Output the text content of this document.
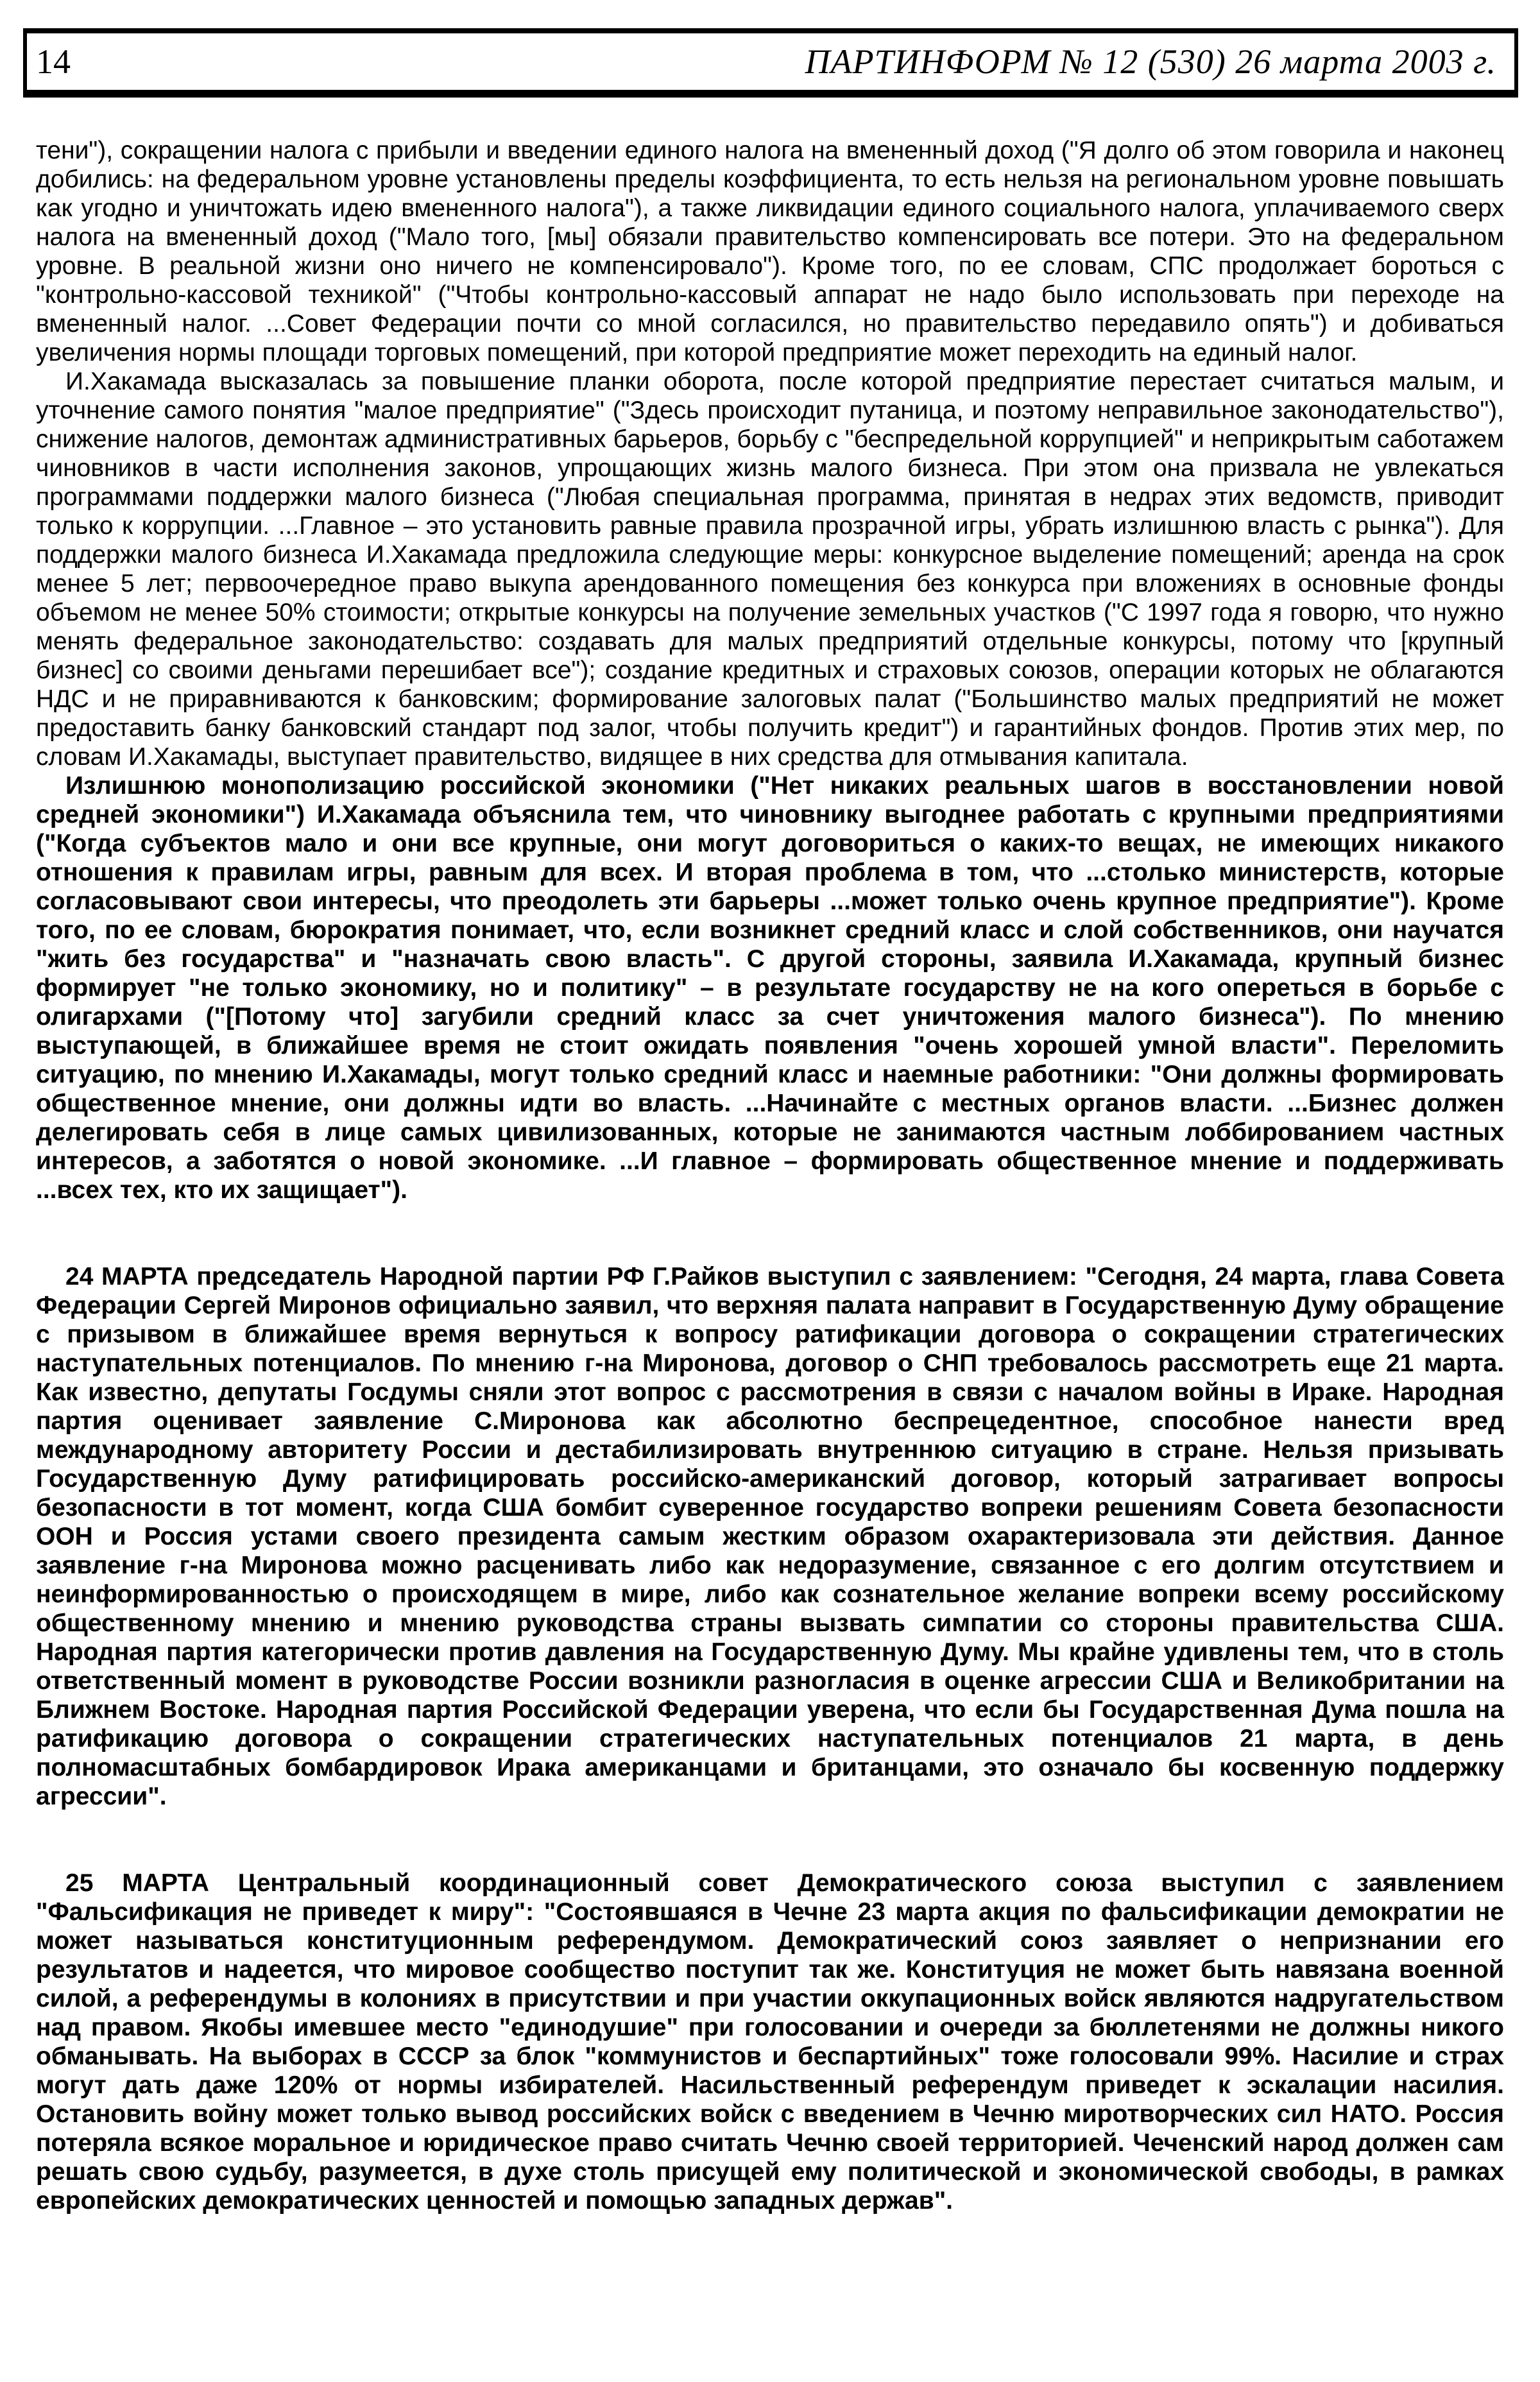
14	ПАРТИНФОРМ № 12 (530) 26 марта 2003 г.

тени"), сокращении налога с прибыли и введении единого налога на вмененный доход ("Я долго об этом говорила и наконец добились: на федеральном уровне установлены пределы коэффициента, то есть нельзя на региональном уровне повышать как угодно и уничтожать идею вмененного налога"), а также ликвидации единого социального налога, уплачиваемого сверх налога на вмененный доход ("Мало того, [мы] обязали правительство компенсировать все потери. Это на федеральном уровне. В реальной жизни оно ничего не компенсировало"). Кроме того, по ее словам, СПС продолжает бороться с "контрольно-кассовой техникой" ("Чтобы контрольно-кассовый аппарат не надо было использовать при переходе на вмененный налог. ...Совет Федерации почти со мной согласился, но правительство передавило опять") и добиваться увеличения нормы площади торговых помещений, при которой предприятие может переходить на единый налог.

И.Хакамада высказалась за повышение планки оборота, после которой предприятие перестает считаться малым, и уточнение самого понятия "малое предприятие" ("Здесь происходит путаница, и поэтому неправильное законодательство"), снижение налогов, демонтаж административных барьеров, борьбу с "беспредельной коррупцией" и неприкрытым саботажем чиновников в части исполнения законов, упрощающих жизнь малого бизнеса. При этом она призвала не увлекаться программами поддержки малого бизнеса ("Любая специальная программа, принятая в недрах этих ведомств, приводит только к коррупции. ...Главное – это установить равные правила прозрачной игры, убрать излишнюю власть с рынка"). Для поддержки малого бизнеса И.Хакамада предложила следующие меры: конкурсное выделение помещений; аренда на срок менее 5 лет; первоочередное право выкупа арендованного помещения без конкурса при вложениях в основные фонды объемом не менее 50% стоимости; открытые конкурсы на получение земельных участков ("С 1997 года я говорю, что нужно менять федеральное законодательство: создавать для малых предприятий отдельные конкурсы, потому что [крупный бизнес] со своими деньгами перешибает все"); создание кредитных и страховых союзов, операции которых не облагаются НДС и не приравниваются к банковским; формирование залоговых палат ("Большинство малых предприятий не может предоставить банку банковский стандарт под залог, чтобы получить кредит") и гарантийных фондов. Против этих мер, по словам И.Хакамады, выступает правительство, видящее в них средства для отмывания капитала.

Излишнюю монополизацию российской экономики ("Нет никаких реальных шагов в восстановлении новой средней экономики") И.Хакамада объяснила тем, что чиновнику выгоднее работать с крупными предприятиями ("Когда субъектов мало и они все крупные, они могут договориться о каких-то вещах, не имеющих никакого отношения к правилам игры, равным для всех. И вторая проблема в том, что ...столько министерств, которые согласовывают свои интересы, что преодолеть эти барьеры ...может только очень крупное предприятие"). Кроме того, по ее словам, бюрократия понимает, что, если возникнет средний класс и слой собственников, они научатся "жить без государства" и "назначать свою власть". С другой стороны, заявила И.Хакамада, крупный бизнес формирует "не только экономику, но и политику" – в результате государству не на кого опереться в борьбе с олигархами ("[Потому что] загубили средний класс за счет уничтожения малого бизнеса"). По мнению выступающей, в ближайшее время не стоит ожидать появления "очень хорошей умной власти". Переломить ситуацию, по мнению И.Хакамады, могут только средний класс и наемные работники: "Они должны формировать общественное мнение, они должны идти во власть. ...Начинайте с местных органов власти. ...Бизнес должен делегировать себя в лице самых цивилизованных, которые не занимаются частным лоббированием частных интересов, а заботятся о новой экономике. ...И главное – формировать общественное мнение и поддерживать ...всех тех, кто их защищает").

24 МАРТА председатель Народной партии РФ Г.Райков выступил с заявлением: "Сегодня, 24 марта, глава Совета Федерации Сергей Миронов официально заявил, что верхняя палата направит в Государственную Думу обращение с призывом в ближайшее время вернуться к вопросу ратификации договора о сокращении стратегических наступательных потенциалов. По мнению г-на Миронова, договор о СНП требовалось рассмотреть еще 21 марта. Как известно, депутаты Госдумы сняли этот вопрос с рассмотрения в связи с началом войны в Ираке. Народная партия оценивает заявление С.Миронова как абсолютно беспрецедентное, способное нанести вред международному авторитету России и дестабилизировать внутреннюю ситуацию в стране. Нельзя призывать Государственную Думу ратифицировать российско-американский договор, который затрагивает вопросы безопасности в тот момент, когда США бомбит суверенное государство вопреки решениям Совета безопасности ООН и Россия устами своего президента самым жестким образом охарактеризовала эти действия. Данное заявление г-на Миронова можно расценивать либо как недоразумение, связанное с его долгим отсутствием и неинформированностью о происходящем в мире, либо как сознательное желание вопреки всему российскому общественному мнению и мнению руководства страны вызвать симпатии со стороны правительства США. Народная партия категорически против давления на Государственную Думу. Мы крайне удивлены тем, что в столь ответственный момент в руководстве России возникли разногласия в оценке агрессии США и Великобритании на Ближнем Востоке. Народная партия Российской Федерации уверена, что если бы Государственная Дума пошла на ратификацию договора о сокращении стратегических наступательных потенциалов 21 марта, в день полномасштабных бомбардировок Ирака американцами и британцами, это означало бы косвенную поддержку агрессии".

25 МАРТА Центральный координационный совет Демократического союза выступил с заявлением "Фальсификация не приведет к миру": "Состоявшаяся в Чечне 23 марта акция по фальсификации демократии не может называться конституционным референдумом. Демократический союз заявляет о непризнании его результатов и надеется, что мировое сообщество поступит так же. Конституция не может быть навязана военной силой, а референдумы в колониях в присутствии и при участии оккупационных войск являются надругательством над правом. Якобы имевшее место "единодушие" при голосовании и очереди за бюллетенями не должны никого обманывать. На выборах в СССР за блок "коммунистов и беспартийных" тоже голосовали 99%. Насилие и страх могут дать даже 120% от нормы избирателей. Насильственный референдум приведет к эскалации насилия. Остановить войну может только вывод российских войск с введением в Чечню миротворческих сил НАТО. Россия потеряла всякое моральное и юридическое право считать Чечню своей территорией. Чеченский народ должен сам решать свою судьбу, разумеется, в духе столь присущей ему политической и экономической свободы, в рамках европейских демократических ценностей и помощью западных держав".
